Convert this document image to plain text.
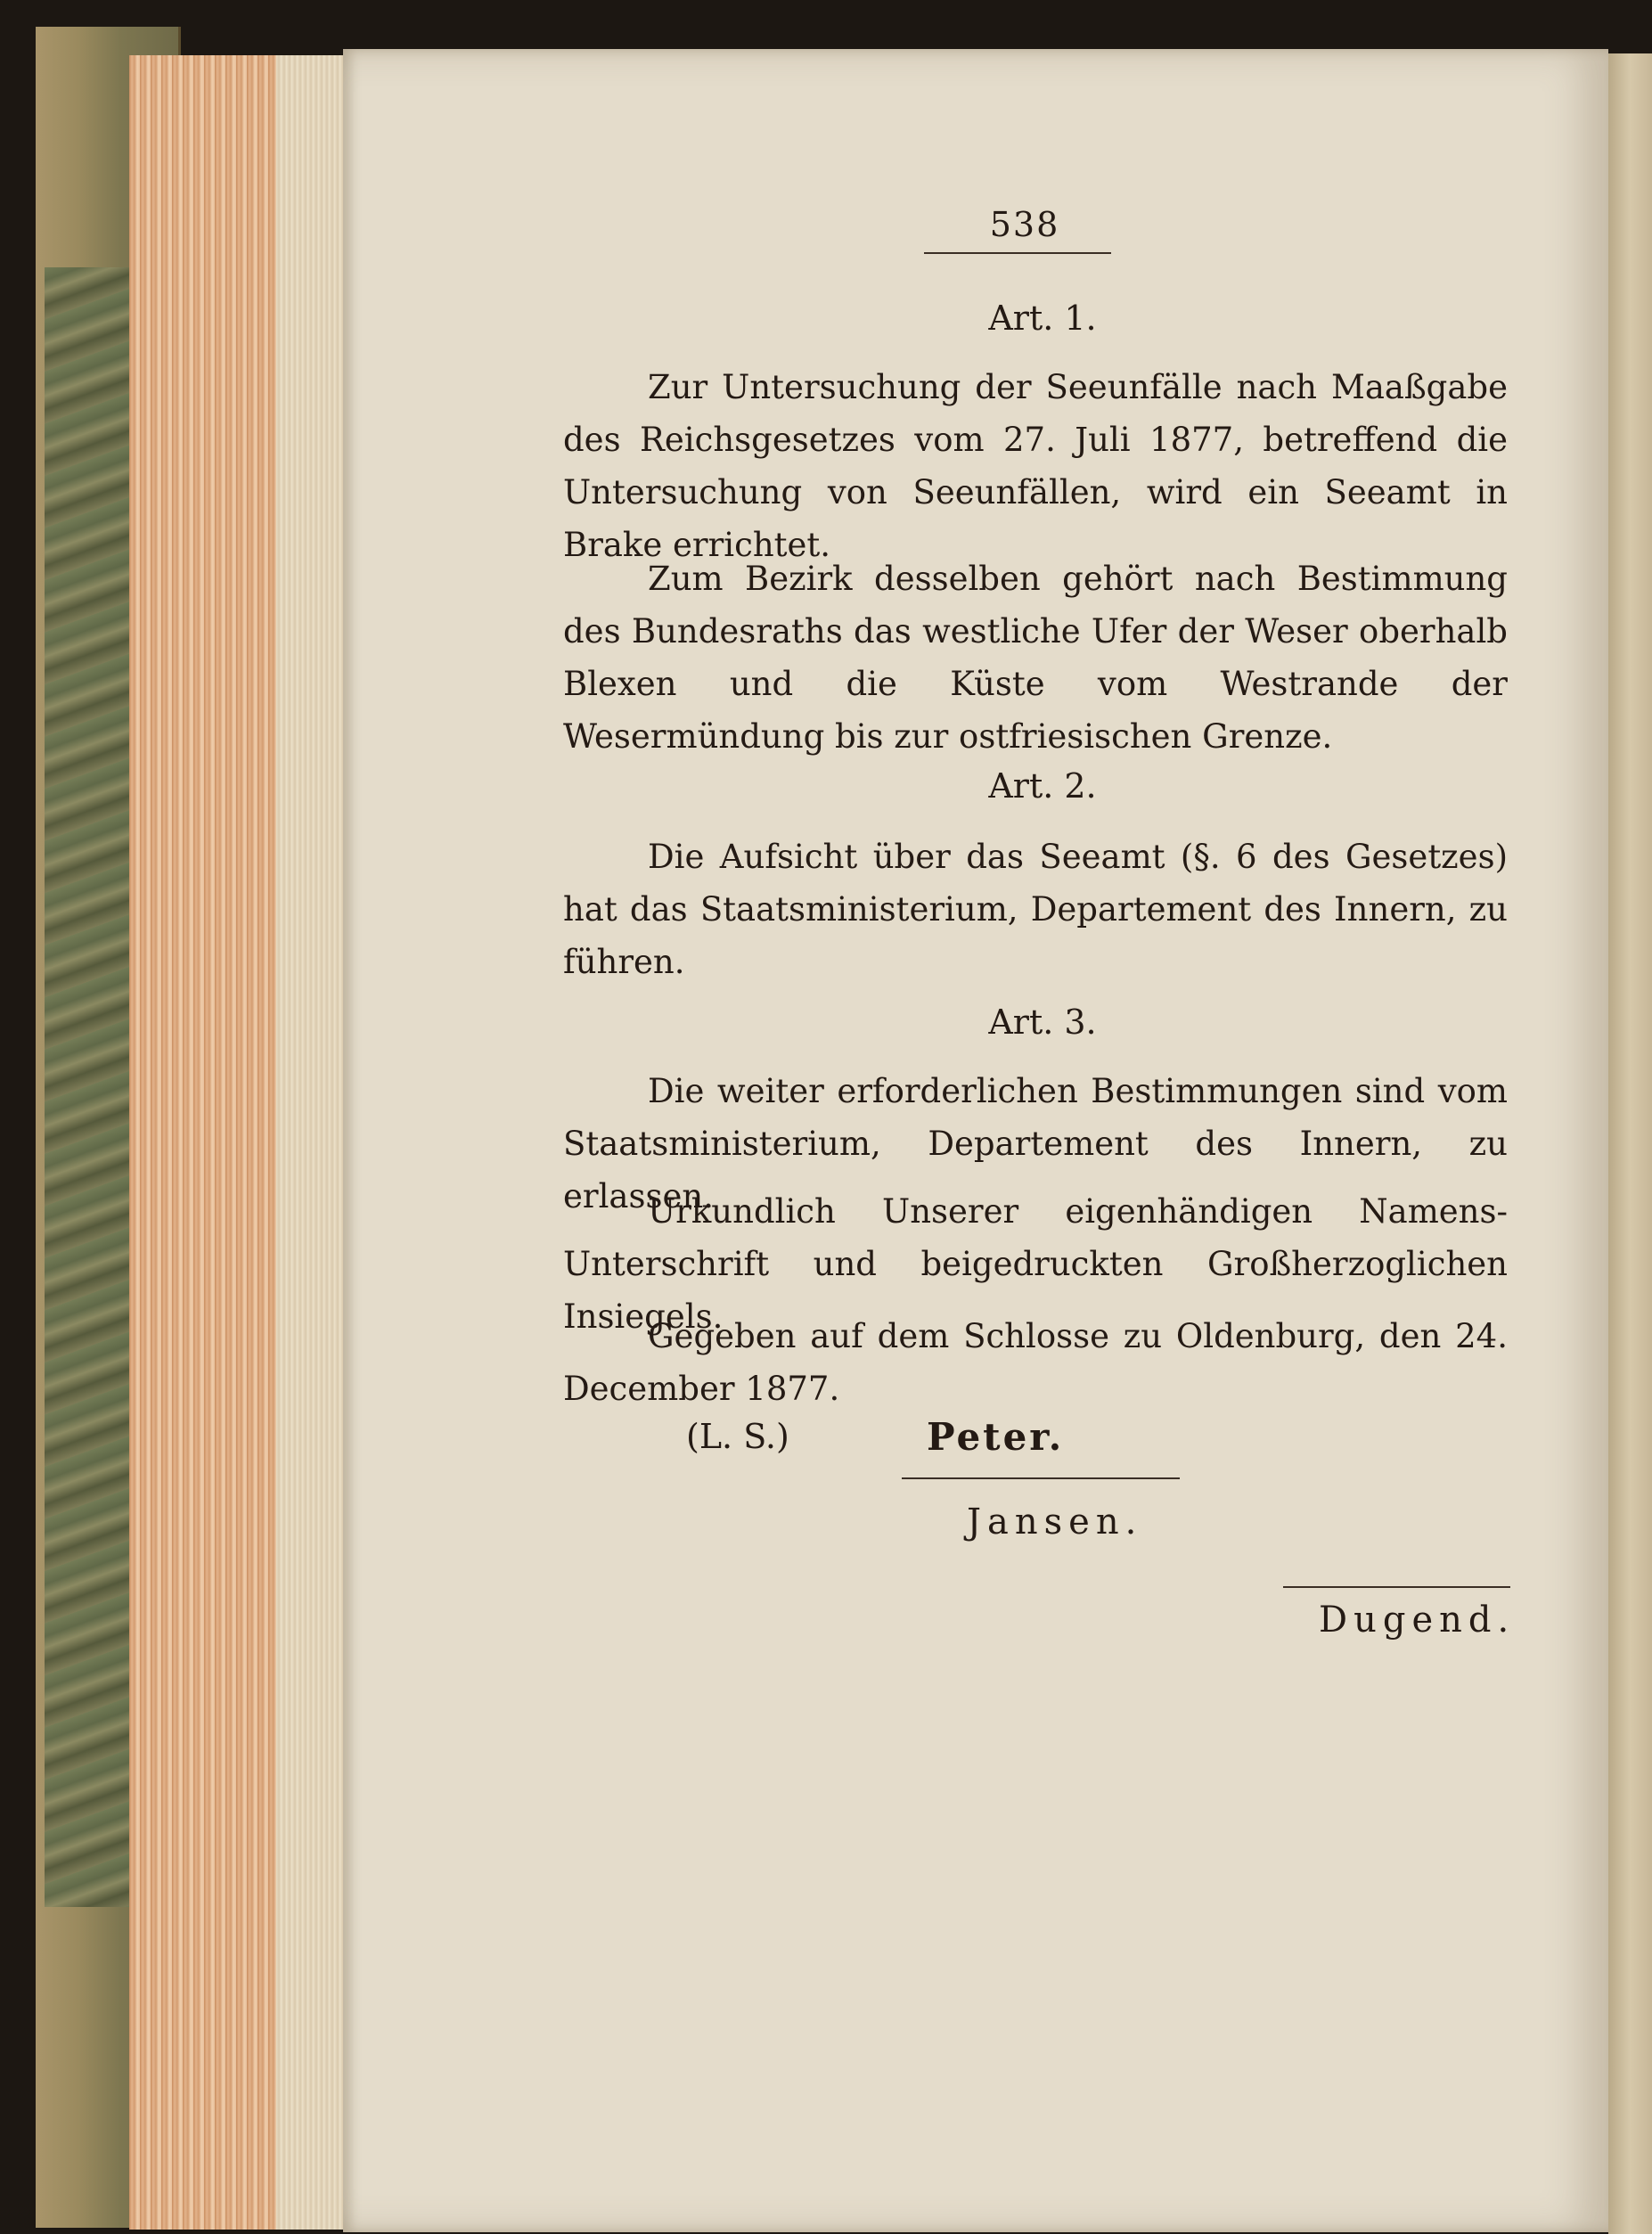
538
Art. 1.
Zur Untersuchung der Seeunfälle nach Maaßgabe des Reichsgesetzes vom 27. Juli 1877, betreffend die Untersuchung von Seeunfällen, wird ein Seeamt in Brake errichtet.
Zum Bezirk desselben gehört nach Bestimmung des Bundesraths das westliche Ufer der Weser oberhalb Blexen und die Küste vom Westrande der Wesermündung bis zur ostfriesischen Grenze.
Art. 2.
Die Aufsicht über das Seeamt (§. 6 des Gesetzes) hat das Staatsministerium, Departement des Innern, zu führen.
Art. 3.
Die weiter erforderlichen Bestimmungen sind vom Staatsministerium, Departement des Innern, zu erlassen.
Urkundlich Unserer eigenhändigen Namens-Unterschrift und beigedruckten Großherzoglichen Insiegels.
Gegeben auf dem Schlosse zu Oldenburg, den 24. December 1877.
(L. S.)	Peter.
Jansen.
Dugend.
